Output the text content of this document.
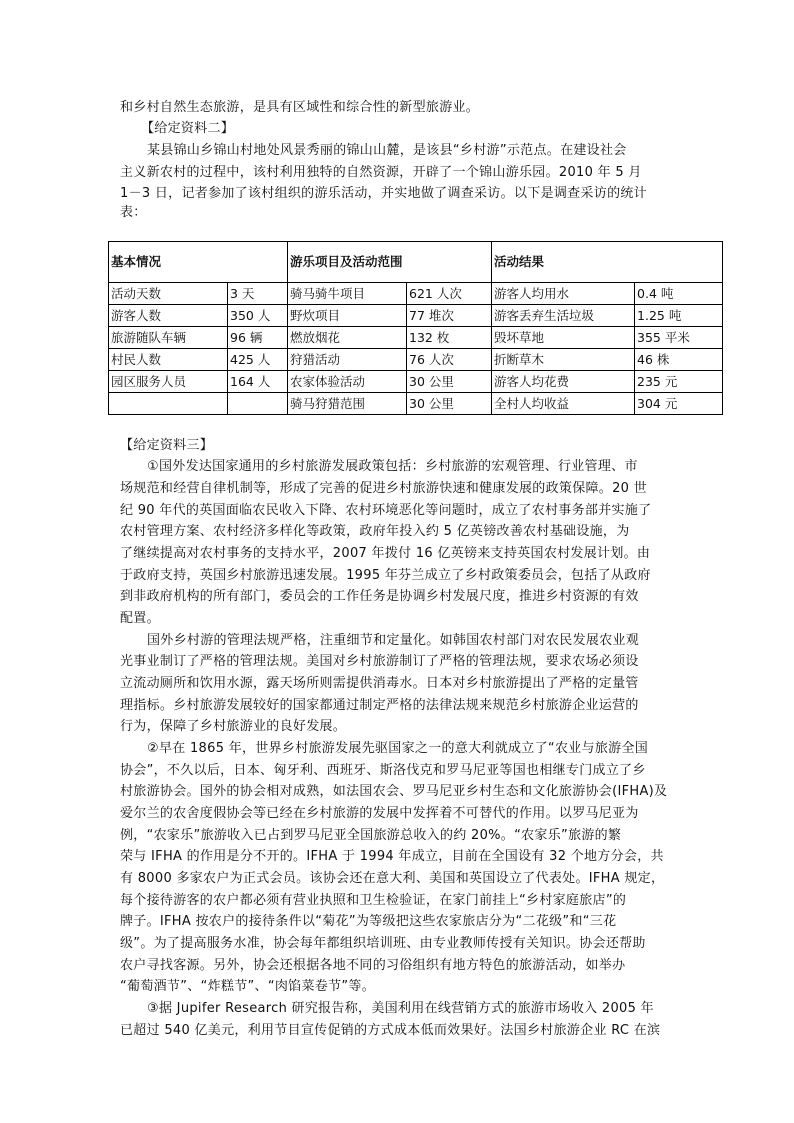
和乡村自然生态旅游，是具有区域性和综合性的新型旅游业。
【给定资料二】
某县锦山乡锦山村地处风景秀丽的锦山山麓，是该县“乡村游”示范点。在建设社会
主义新农村的过程中，该村利用独特的自然资源，开辟了一个锦山游乐园。2010 年 5 月
1－3 日，记者参加了该村组织的游乐活动，并实地做了调查采访。以下是调查采访的统计
表：
基本情况		游乐项目及活动范围		活动结果	
活动天数	3 天	骑马骑牛项目	621 人次	游客人均用水	0.4 吨
游客人数	350 人	野炊项目	77 堆次	游客丢弃生活垃圾	1.25 吨
旅游随队车辆	96 辆	燃放烟花	132 枚	毁坏草地	355 平米
村民人数	425 人	狩猎活动	76 人次	折断草木	46 株
园区服务人员	164 人	农家体验活动	30 公里	游客人均花费	235 元
		骑马狩猎范围	30 公里	全村人均收益	304 元
【给定资料三】
①国外发达国家通用的乡村旅游发展政策包括：乡村旅游的宏观管理、行业管理、市
场规范和经营自律机制等，形成了完善的促进乡村旅游快速和健康发展的政策保障。20 世
纪 90 年代的英国面临农民收入下降、农村环境恶化等问题时，成立了农村事务部并实施了
农村管理方案、农村经济多样化等政策，政府年投入约 5 亿英镑改善农村基础设施，为
了继续提高对农村事务的支持水平，2007 年拨付 16 亿英镑来支持英国农村发展计划。由
于政府支持，英国乡村旅游迅速发展。1995 年芬兰成立了乡村政策委员会，包括了从政府
到非政府机构的所有部门，委员会的工作任务是协调乡村发展尺度，推进乡村资源的有效
配置。
国外乡村游的管理法规严格，注重细节和定量化。如韩国农村部门对农民发展农业观
光事业制订了严格的管理法规。美国对乡村旅游制订了严格的管理法规，要求农场必须设
立流动厕所和饮用水源，露天场所则需提供消毒水。日本对乡村旅游提出了严格的定量管
理指标。乡村旅游发展较好的国家都通过制定严格的法律法规来规范乡村旅游企业运营的
行为，保障了乡村旅游业的良好发展。
②早在 1865 年，世界乡村旅游发展先驱国家之一的意大利就成立了“农业与旅游全国
协会”，不久以后，日本、匈牙利、西班牙、斯洛伐克和罗马尼亚等国也相继专门成立了乡
村旅游协会。国外的协会相对成熟，如法国农会、罗马尼亚乡村生态和文化旅游协会(IFHA)及
爱尔兰的农舍度假协会等已经在乡村旅游的发展中发挥着不可替代的作用。以罗马尼亚为
例，“农家乐”旅游收入已占到罗马尼亚全国旅游总收入的约 20%。“农家乐”旅游的繁
荣与 IFHA 的作用是分不开的。IFHA 于 1994 年成立，目前在全国设有 32 个地方分会，共
有 8000 多家农户为正式会员。该协会还在意大利、美国和英国设立了代表处。IFHA 规定，
每个接待游客的农户都必须有营业执照和卫生检验证，在家门前挂上“乡村家庭旅店”的
牌子。IFHA 按农户的接待条件以“菊花”为等级把这些农家旅店分为“二花级”和“三花
级”。为了提高服务水准，协会每年都组织培训班、由专业教师传授有关知识。协会还帮助
农户寻找客源。另外，协会还根据各地不同的习俗组织有地方特色的旅游活动，如举办
“葡萄酒节”、“炸糕节”、“肉馅菜卷节”等。
③据 Jupifer Research 研究报告称，美国利用在线营销方式的旅游市场收入 2005 年
已超过 540 亿美元，利用节目宣传促销的方式成本低而效果好。法国乡村旅游企业 RC 在滨
